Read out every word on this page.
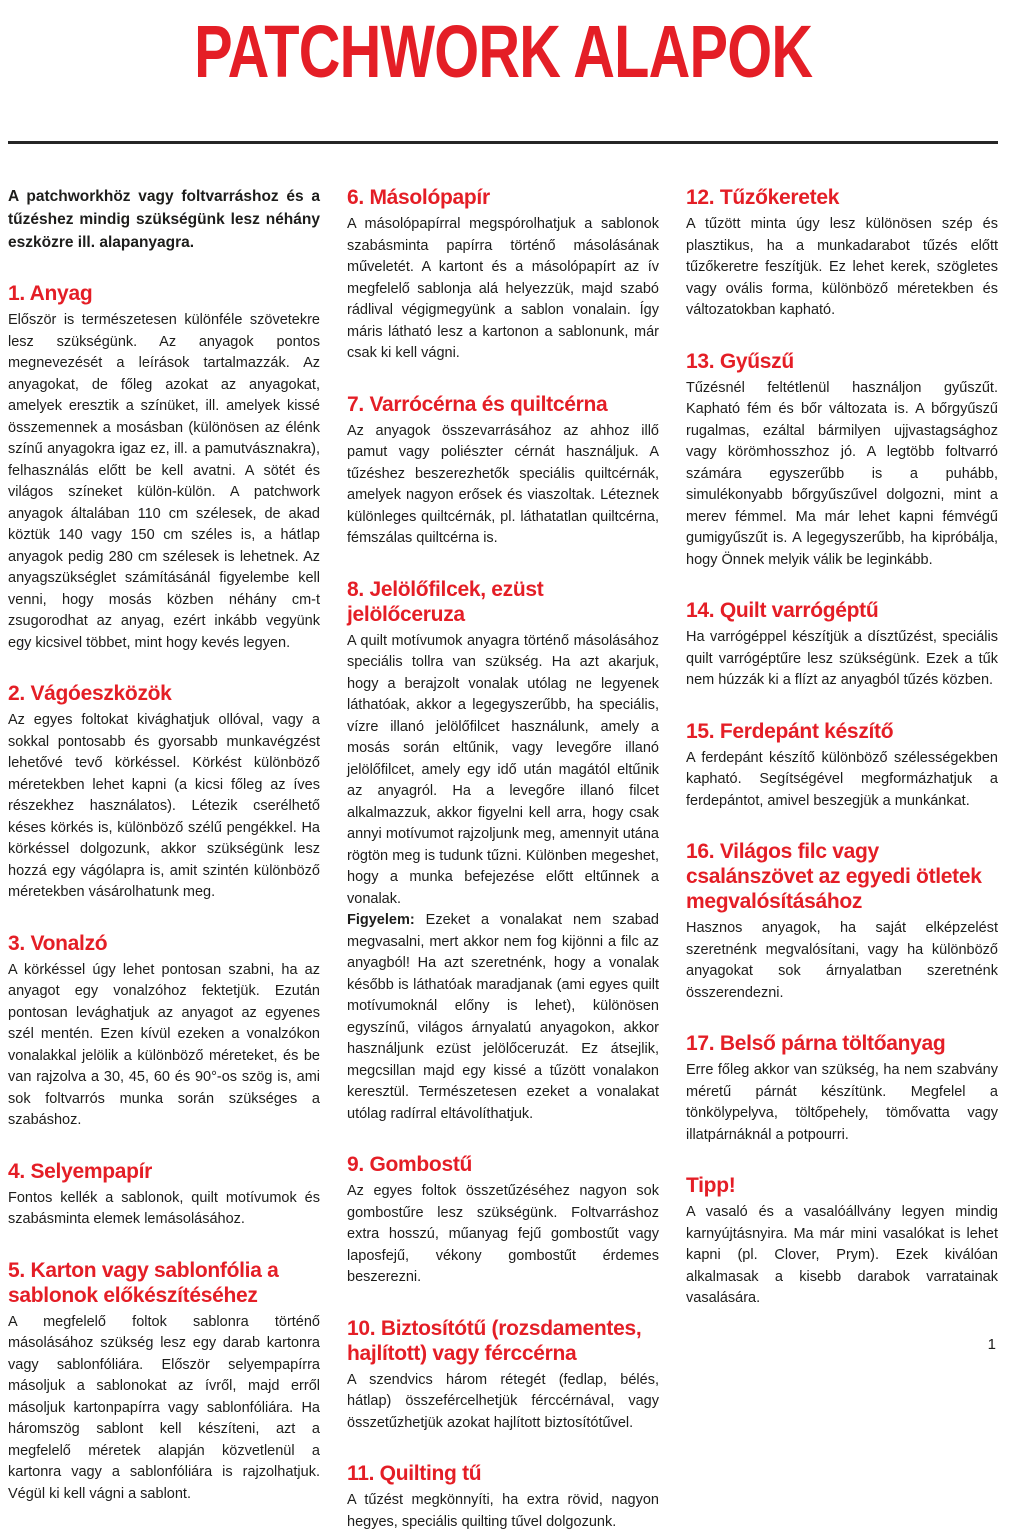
PATCHWORK ALAPOK

A patchworkhöz vagy foltvarráshoz és a tűzéshez mindig szükségünk lesz néhány eszközre ill. alapanyagra.

1. Anyag

Először is természetesen különféle szövetekre lesz szükségünk. Az anyagok pontos megnevezését a leírások tartalmazzák. Az anyagokat, de főleg azokat az anyagokat, amelyek eresztik a színüket, ill. amelyek kissé összemennek a mosásban (különösen az élénk színű anyagokra igaz ez, ill. a pamutvásznakra), felhasználás előtt be kell avatni. A sötét és világos színeket külön-külön. A patchwork anyagok általában 110 cm szélesek, de akad köztük 140 vagy 150 cm széles is, a hátlap anyagok pedig 280 cm szélesek is lehetnek. Az anyagszükséglet számításánál figyelembe kell venni, hogy mosás közben néhány cm-t zsugorodhat az anyag, ezért inkább vegyünk egy kicsivel többet, mint hogy kevés legyen.

2. Vágóeszközök

Az egyes foltokat kivághatjuk ollóval, vagy a sokkal pontosabb és gyorsabb munkavégzést lehetővé tevő körkéssel. Körkést különböző méretekben lehet kapni (a kicsi főleg az íves részekhez használatos). Létezik cserélhető késes körkés is, különböző szélű pengékkel. Ha körkéssel dolgozunk, akkor szükségünk lesz hozzá egy vágólapra is, amit szintén különböző méretekben vásárolhatunk meg.

3. Vonalzó

A körkéssel úgy lehet pontosan szabni, ha az anyagot egy vonalzóhoz fektetjük. Ezután pontosan levághatjuk az anyagot az egyenes szél mentén. Ezen kívül ezeken a vonalzókon vonalakkal jelölik a különböző méreteket, és be van rajzolva a 30, 45, 60 és 90°-os szög is, ami sok foltvarrós munka során szükséges a szabáshoz.

4. Selyempapír

Fontos kellék a sablonok, quilt motívumok és szabásminta elemek lemásolásához.

5. Karton vagy sablonfólia a sablonok előkészítéséhez

A megfelelő foltok sablonra történő másolásához szükség lesz egy darab kartonra vagy sablonfóliára. Először selyempapírra másoljuk a sablonokat az ívről, majd erről másoljuk kartonpapírra vagy sablonfóliára. Ha háromszög sablont kell készíteni, azt a megfelelő méretek alapján közvetlenül a kartonra vagy a sablonfóliára is rajzolhatjuk. Végül ki kell vágni a sablont.

6. Másolópapír

A másolópapírral megspórolhatjuk a sablonok szabásminta papírra történő másolásának műveletét. A kartont és a másolópapírt az ív megfelelő sablonja alá helyezzük, majd szabó rádlival végigmegyünk a sablon vonalain. Így máris látható lesz a kartonon a sablonunk, már csak ki kell vágni.

7. Varrócérna és quiltcérna

Az anyagok összevarrásához az ahhoz illő pamut vagy poliészter cérnát használjuk. A tűzéshez beszerezhetők speciális quiltcérnák, amelyek nagyon erősek és viaszoltak. Léteznek különleges quiltcérnák, pl. láthatatlan quiltcérna, fémszálas quiltcérna is.

8. Jelölőfilcek, ezüst jelölőceruza

A quilt motívumok anyagra történő másolásához speciális tollra van szükség. Ha azt akarjuk, hogy a berajzolt vonalak utólag ne legyenek láthatóak, akkor a legegyszerűbb, ha speciális, vízre illanó jelölőfilcet használunk, amely a mosás során eltűnik, vagy levegőre illanó jelölőfilcet, amely egy idő után magától eltűnik az anyagról. Ha a levegőre illanó filcet alkalmazzuk, akkor figyelni kell arra, hogy csak annyi motívumot rajzoljunk meg, amennyit utána rögtön meg is tudunk tűzni. Különben megeshet, hogy a munka befejezése előtt eltűnnek a vonalak.

Figyelem: Ezeket a vonalakat nem szabad megvasalni, mert akkor nem fog kijönni a filc az anyagból! Ha azt szeretnénk, hogy a vonalak később is láthatóak maradjanak (ami egyes quilt motívumoknál előny is lehet), különösen egyszínű, világos árnyalatú anyagokon, akkor használjunk ezüst jelölőceruzát. Ez átsejlik, megcsillan majd egy kissé a tűzött vonalakon keresztül. Természetesen ezeket a vonalakat utólag radírral eltávolíthatjuk.

9. Gombostű

Az egyes foltok összetűzéséhez nagyon sok gombostűre lesz szükségünk. Foltvarráshoz extra hosszú, műanyag fejű gombostűt vagy laposfejű, vékony gombostűt érdemes beszerezni.

10. Biztosítótű (rozsdamentes, hajlított) vagy férccérna

A szendvics három rétegét (fedlap, bélés, hátlap) összefércelhetjük férccérnával, vagy összetűzhetjük azokat hajlított biztosítótűvel.

11. Quilting tű

A tűzést megkönnyíti, ha extra rövid, nagyon hegyes, speciális quilting tűvel dolgozunk.

12. Tűzőkeretek

A tűzött minta úgy lesz különösen szép és plasztikus, ha a munkadarabot tűzés előtt tűzőkeretre feszítjük. Ez lehet kerek, szögletes vagy ovális forma, különböző méretekben és változatokban kapható.

13. Gyűszű

Tűzésnél feltétlenül használjon gyűszűt. Kapható fém és bőr változata is. A bőrgyűszű rugalmas, ezáltal bármilyen ujjvastagsághoz vagy körömhosszhoz jó. A legtöbb foltvarró számára egyszerűbb is a puhább, simulékonyabb bőrgyűszűvel dolgozni, mint a merev fémmel. Ma már lehet kapni fémvégű gumigyűszűt is. A legegyszerűbb, ha kipróbálja, hogy Önnek melyik válik be leginkább.

14. Quilt varrógéptű

Ha varrógéppel készítjük a dísztűzést, speciális quilt varrógéptűre lesz szükségünk. Ezek a tűk nem húzzák ki a flízt az anyagból tűzés közben.

15. Ferdepánt készítő

A ferdepánt készítő különböző szélességekben kapható. Segítségével megformázhatjuk a ferdepántot, amivel beszegjük a munkánkat.

16. Világos filc vagy csalánszövet az egyedi ötletek megvalósításához

Hasznos anyagok, ha saját elképzelést szeretnénk megvalósítani, vagy ha különböző anyagokat sok árnyalatban szeretnénk összerendezni.

17. Belső párna töltőanyag

Erre főleg akkor van szükség, ha nem szabvány méretű párnát készítünk. Megfelel a tönkölypelyva, töltőpehely, tömővatta vagy illatpárnáknál a potpourri.

Tipp!

A vasaló és a vasalóállvány legyen mindig karnyújtásnyira. Ma már mini vasalókat is lehet kapni (pl. Clover, Prym). Ezek kiválóan alkalmasak a kisebb darabok varratainak vasalására.

1
